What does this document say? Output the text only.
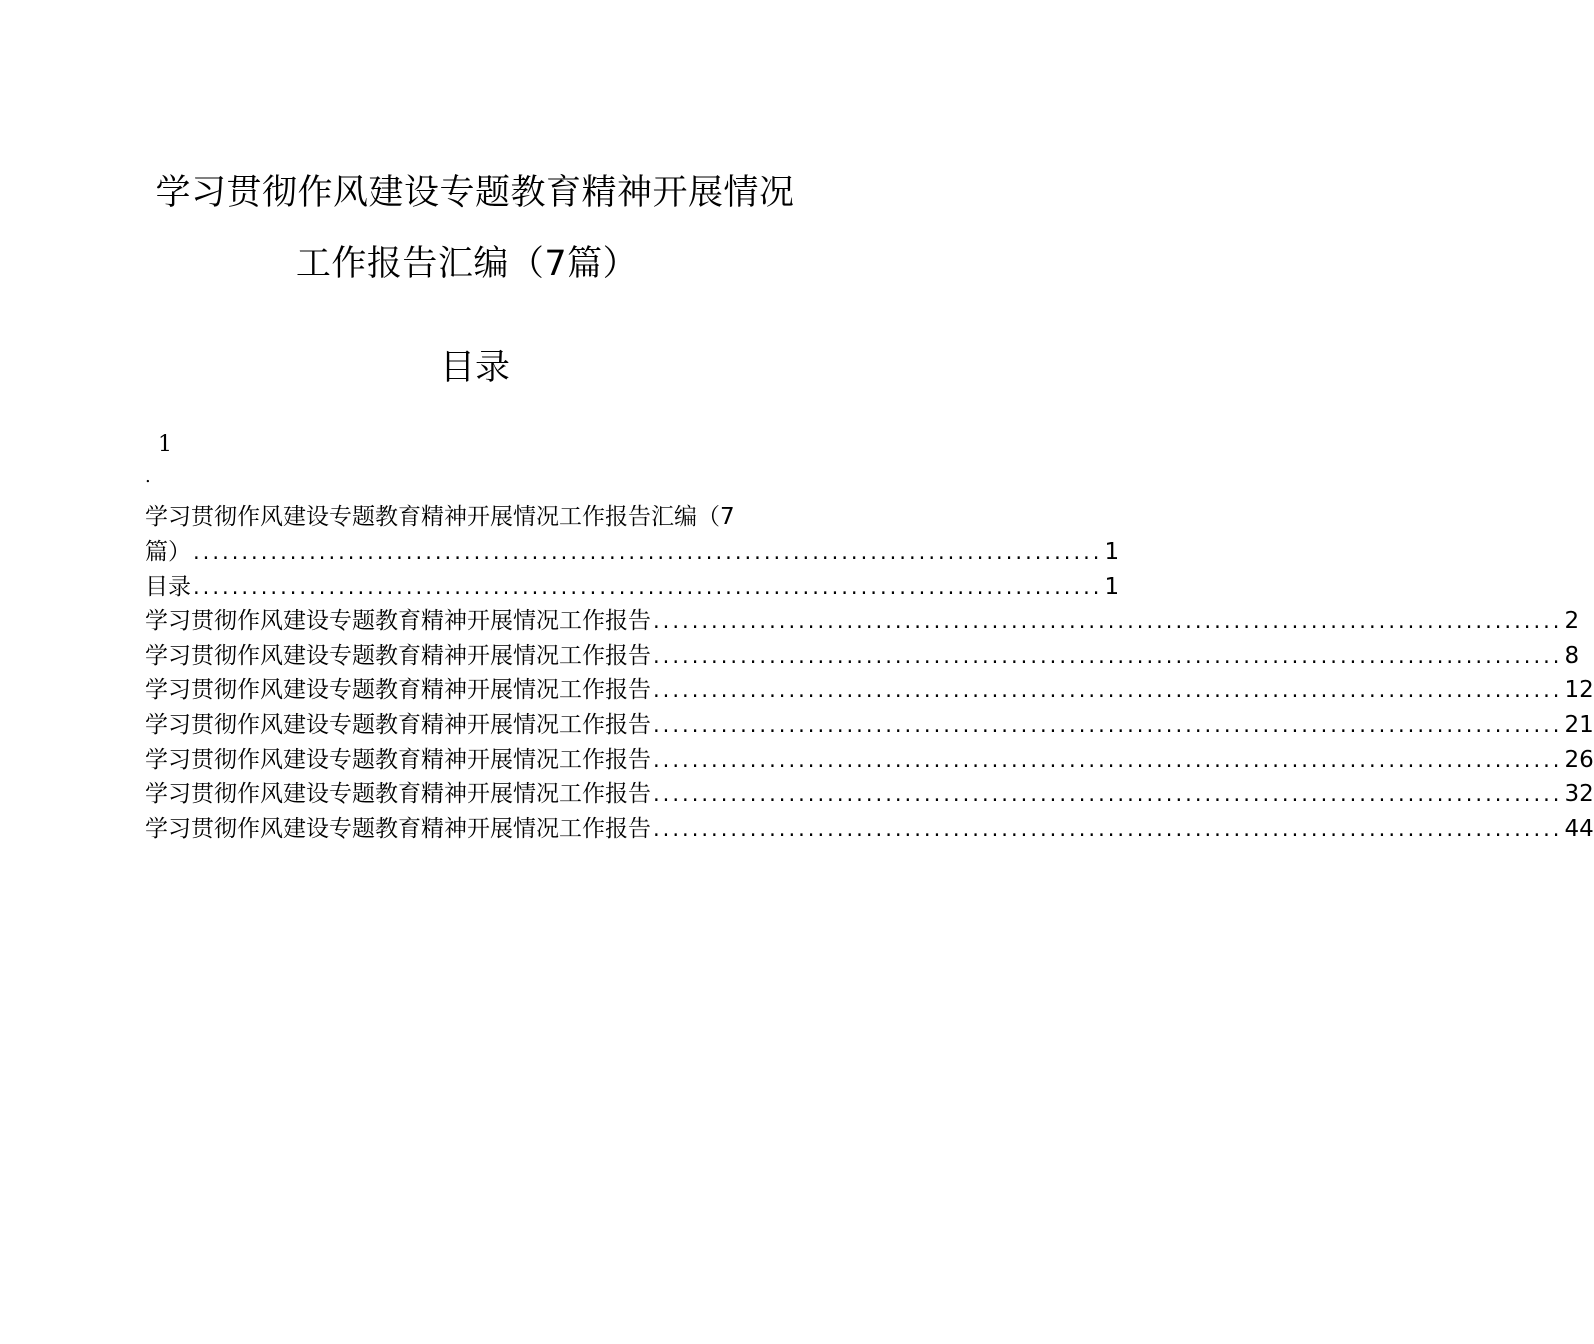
学习贯彻作风建设专题教育精神开展情况
工作报告汇编（7篇）
目录
1
.
学习贯彻作风建设专题教育精神开展情况工作报告汇编（7
篇） .............................................................................................. 1
目录 .............................................................................................. 1
学习贯彻作风建设专题教育精神开展情况工作报告 .............................................................................................. 2
学习贯彻作风建设专题教育精神开展情况工作报告 .............................................................................................. 8
学习贯彻作风建设专题教育精神开展情况工作报告 .............................................................................................. 12
学习贯彻作风建设专题教育精神开展情况工作报告 .............................................................................................. 21
学习贯彻作风建设专题教育精神开展情况工作报告 .............................................................................................. 26
学习贯彻作风建设专题教育精神开展情况工作报告 .............................................................................................. 32
学习贯彻作风建设专题教育精神开展情况工作报告 .............................................................................................. 44
